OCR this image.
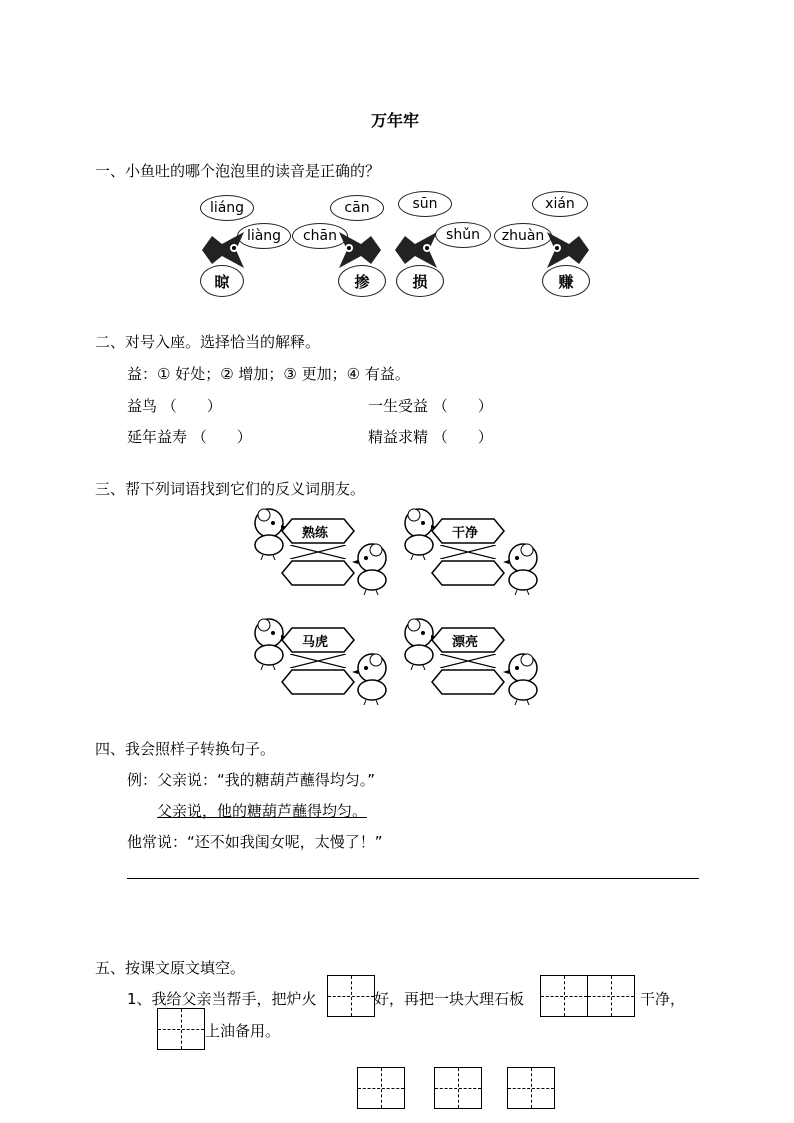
万年牢
一、小鱼吐的哪个泡泡里的读音是正确的？
liáng
liàng
cān
chān
sūn
shǔn
xián
zhuàn
晾	掺	损	赚
二、对号入座。选择恰当的解释。
益：① 好处；② 增加；③ 更加；④ 有益。
益鸟 （　　）	一生受益 （　　）
延年益寿 （　　）	精益求精 （　　）
三、帮下列词语找到它们的反义词朋友。
熟练	干净
马虎	漂亮
四、我会照样子转换句子。
例：父亲说：“我的糖葫芦蘸得均匀。”
父亲说，他的糖葫芦蘸得均匀。
他常说：“还不如我闺女呢，太慢了！”
五、按课文原文填空。
1、我给父亲当帮手，把炉火	好，再把一块大理石板	干净，
上油备用。
